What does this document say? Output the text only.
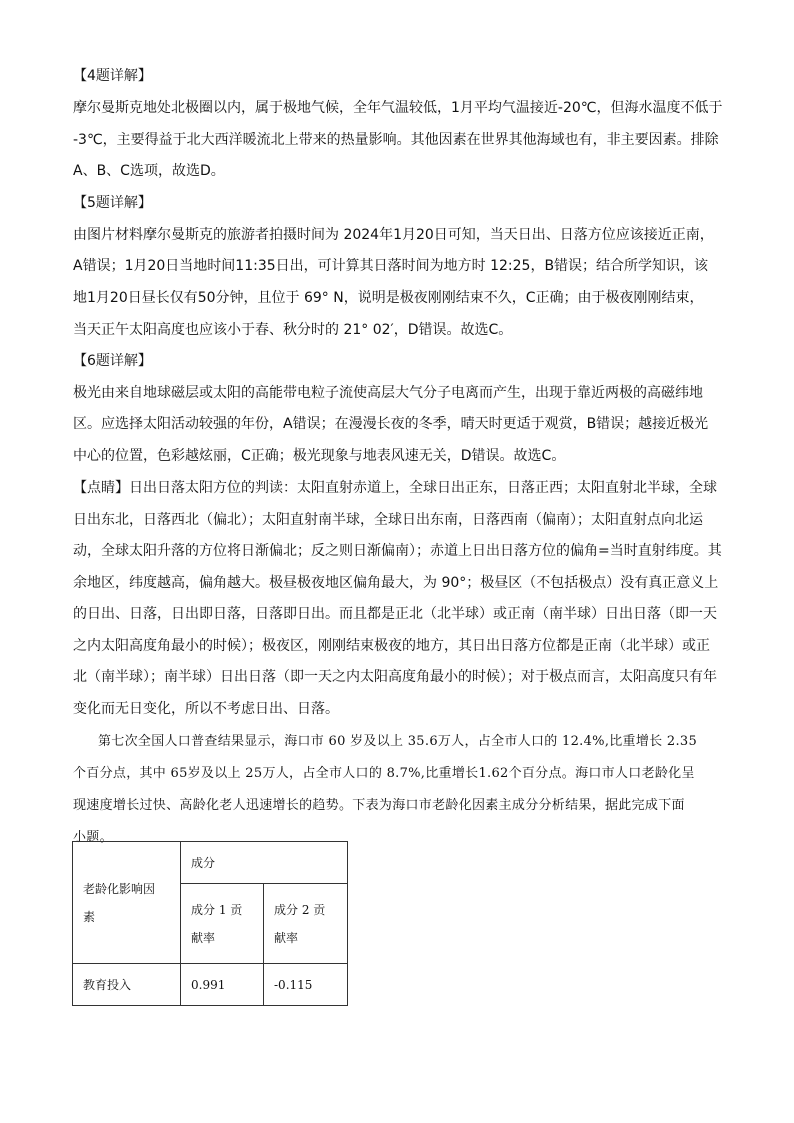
【4题详解】
摩尔曼斯克地处北极圈以内，属于极地气候，全年气温较低，1月平均气温接近-20℃，但海水温度不低于
-3℃，主要得益于北大西洋暖流北上带来的热量影响。其他因素在世界其他海域也有，非主要因素。排除
A、B、C选项，故选D。
【5题详解】
由图片材料摩尔曼斯克的旅游者拍摄时间为 2024年1月20日可知，当天日出、日落方位应该接近正南，
A错误；1月20日当地时间11:35日出，可计算其日落时间为地方时 12:25，B错误；结合所学知识，该
地1月20日昼长仅有50分钟，且位于 69° N，说明是极夜刚刚结束不久，C正确；由于极夜刚刚结束，
当天正午太阳高度也应该小于春、秋分时的 21° 02′，D错误。故选C。
【6题详解】
极光由来自地球磁层或太阳的高能带电粒子流使高层大气分子电离而产生，出现于靠近两极的高磁纬地
区。应选择太阳活动较强的年份，A错误；在漫漫长夜的冬季，晴天时更适于观赏，B错误；越接近极光
中心的位置，色彩越炫丽，C正确；极光现象与地表风速无关，D错误。故选C。
【点睛】日出日落太阳方位的判读：太阳直射赤道上，全球日出正东，日落正西；太阳直射北半球，全球
日出东北，日落西北（偏北）；太阳直射南半球，全球日出东南，日落西南（偏南）；太阳直射点向北运
动，全球太阳升落的方位将日渐偏北；反之则日渐偏南）；赤道上日出日落方位的偏角=当时直射纬度。其
余地区，纬度越高，偏角越大。极昼极夜地区偏角最大，为 90°；极昼区（不包括极点）没有真正意义上
的日出、日落，日出即日落，日落即日出。而且都是正北（北半球）或正南（南半球）日出日落（即一天
之内太阳高度角最小的时候）；极夜区，刚刚结束极夜的地方，其日出日落方位都是正南（北半球）或正
北（南半球）；南半球）日出日落（即一天之内太阳高度角最小的时候）；对于极点而言，太阳高度只有年
变化而无日变化，所以不考虑日出、日落。
第七次全国人口普查结果显示，海口市 60 岁及以上 35.6万人，占全市人口的 12.4%,比重增长 2.35
个百分点，其中 65岁及以上 25万人，占全市人口的 8.7%,比重增长1.62个百分点。海口市人口老龄化呈
现速度增长过快、高龄化老人迅速增长的趋势。下表为海口市老龄化因素主成分分析结果，据此完成下面
小题。
老龄化影响因
素	成分	

	成分 1 贡
献率	成分 2 贡
献率

教育投入	0.991	-0.115
